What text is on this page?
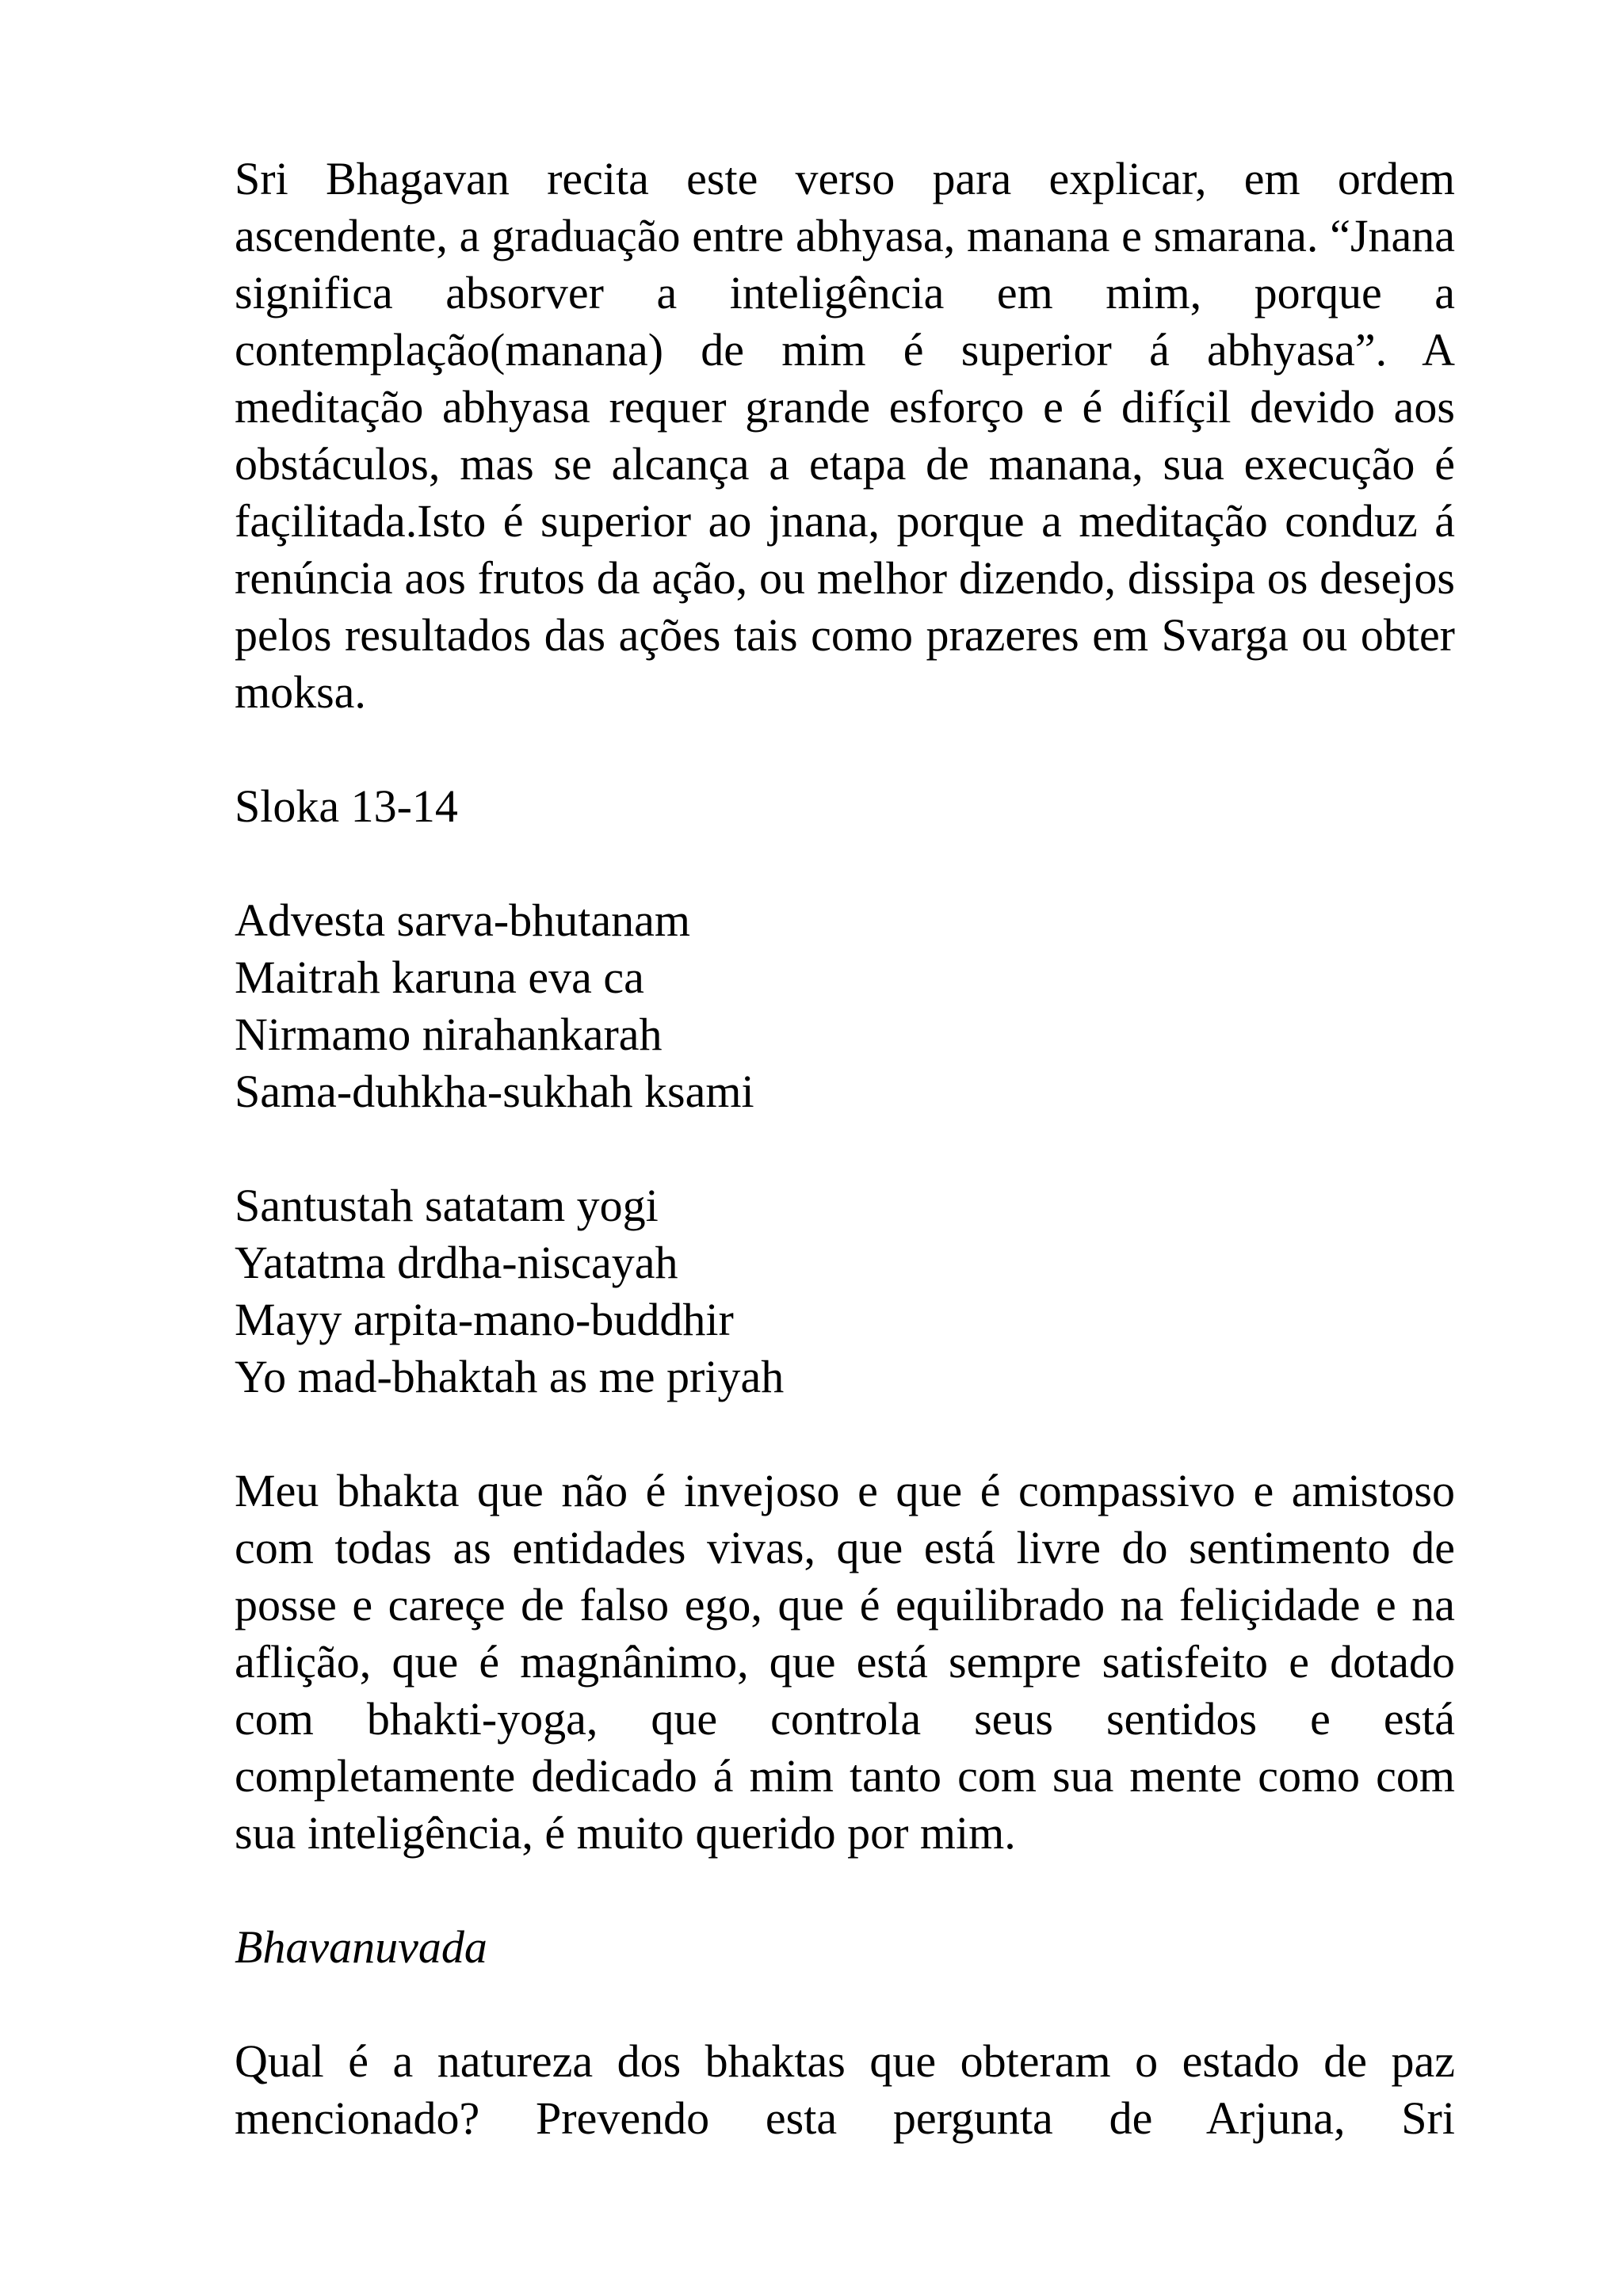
Sri Bhagavan recita este verso para explicar, em ordem ascendente, a graduação entre abhyasa, manana e smarana. “Jnana significa absorver a inteligência em mim, porque a contemplação(manana) de mim é superior á abhyasa”. A meditação abhyasa requer grande esforço e é difíçil devido aos obstáculos, mas se alcança a etapa de manana, sua execução é façilitada.Isto é superior ao jnana, porque a meditação conduz á renúncia aos frutos da ação, ou melhor dizendo, dissipa os desejos pelos resultados das ações tais como prazeres em Svarga ou obter moksa.

Sloka 13-14
Advesta sarva-bhutanam
Maitrah karuna eva ca
Nirmamo nirahankarah
Sama-duhkha-sukhah ksami
Santustah satatam yogi
Yatatma drdha-niscayah
Mayy arpita-mano-buddhir
Yo mad-bhaktah as me priyah

Meu bhakta que não é invejoso e que é compassivo e amistoso com todas as entidades vivas, que está livre do sentimento de posse e careçe de falso ego, que é equilibrado na feliçidade e na aflição, que é magnânimo, que está sempre satisfeito e dotado com bhakti-yoga, que controla seus sentidos e está completamente dedicado á mim tanto com sua mente como com sua inteligência, é muito querido por mim.

Bhavanuvada

Qual é a natureza dos bhaktas que obteram o estado de paz mencionado? Prevendo esta pergunta de Arjuna, Sri
